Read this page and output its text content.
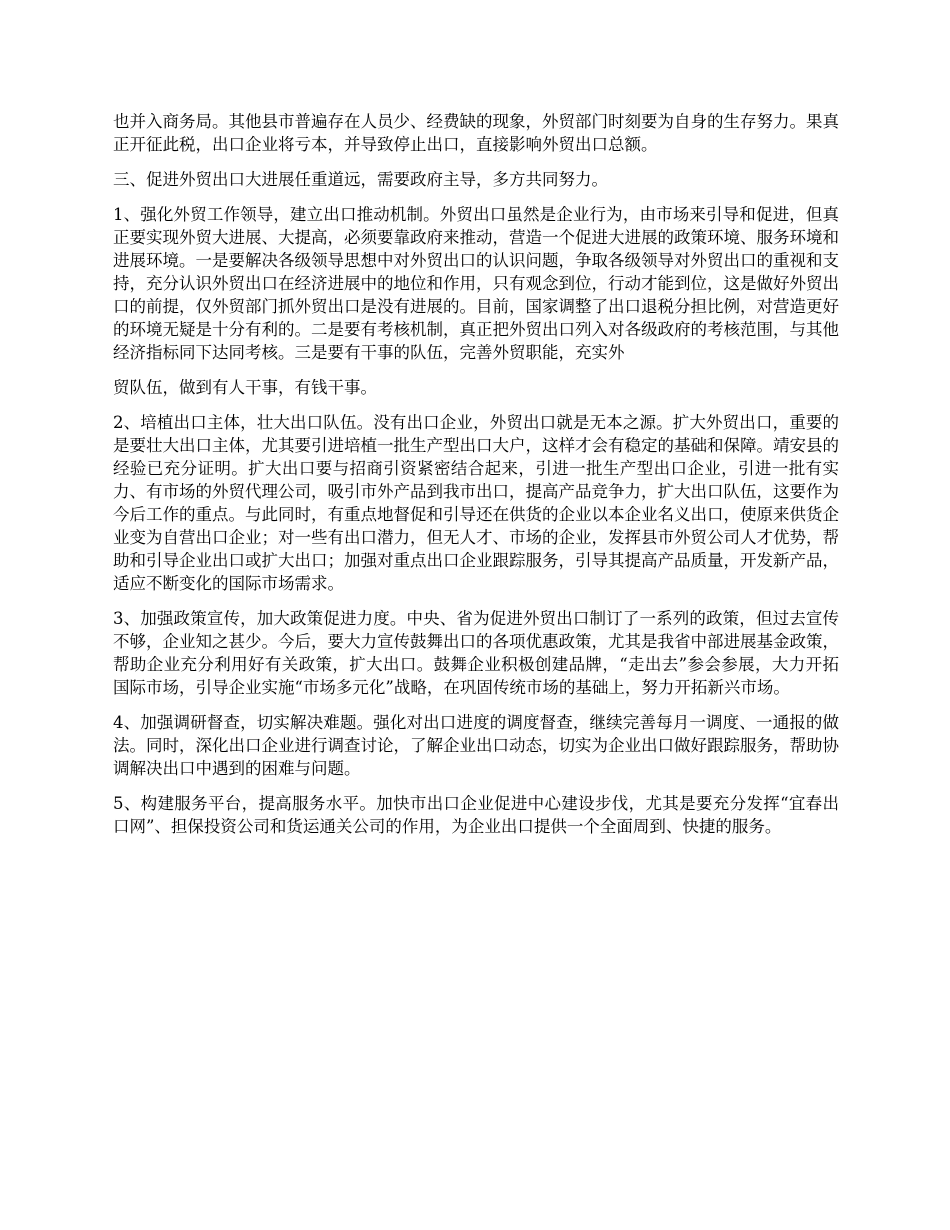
也并入商务局。其他县市普遍存在人员少、经费缺的现象，外贸部门时刻要为自身的生存努力。果真正开征此税，出口企业将亏本，并导致停止出口，直接影响外贸出口总额。

三、促进外贸出口大进展任重道远，需要政府主导，多方共同努力。

1、强化外贸工作领导，建立出口推动机制。外贸出口虽然是企业行为，由市场来引导和促进，但真正要实现外贸大进展、大提高，必须要靠政府来推动，营造一个促进大进展的政策环境、服务环境和进展环境。一是要解决各级领导思想中对外贸出口的认识问题，争取各级领导对外贸出口的重视和支持，充分认识外贸出口在经济进展中的地位和作用，只有观念到位，行动才能到位，这是做好外贸出口的前提，仅外贸部门抓外贸出口是没有进展的。目前，国家调整了出口退税分担比例，对营造更好的环境无疑是十分有利的。二是要有考核机制，真正把外贸出口列入对各级政府的考核范围，与其他经济指标同下达同考核。三是要有干事的队伍，完善外贸职能，充实外

贸队伍，做到有人干事，有钱干事。

2、培植出口主体，壮大出口队伍。没有出口企业，外贸出口就是无本之源。扩大外贸出口，重要的是要壮大出口主体，尤其要引进培植一批生产型出口大户，这样才会有稳定的基础和保障。靖安县的经验已充分证明。扩大出口要与招商引资紧密结合起来，引进一批生产型出口企业，引进一批有实力、有市场的外贸代理公司，吸引市外产品到我市出口，提高产品竞争力，扩大出口队伍，这要作为今后工作的重点。与此同时，有重点地督促和引导还在供货的企业以本企业名义出口，使原来供货企业变为自营出口企业；对一些有出口潜力，但无人才、市场的企业，发挥县市外贸公司人才优势，帮助和引导企业出口或扩大出口；加强对重点出口企业跟踪服务，引导其提高产品质量，开发新产品，适应不断变化的国际市场需求。

3、加强政策宣传，加大政策促进力度。中央、省为促进外贸出口制订了一系列的政策，但过去宣传不够，企业知之甚少。今后，要大力宣传鼓舞出口的各项优惠政策，尤其是我省中部进展基金政策，帮助企业充分利用好有关政策，扩大出口。鼓舞企业积极创建品牌，“走出去”参会参展，大力开拓国际市场，引导企业实施“市场多元化”战略，在巩固传统市场的基础上，努力开拓新兴市场。

4、加强调研督查，切实解决难题。强化对出口进度的调度督查，继续完善每月一调度、一通报的做法。同时，深化出口企业进行调查讨论，了解企业出口动态，切实为企业出口做好跟踪服务，帮助协调解决出口中遇到的困难与问题。

5、构建服务平台，提高服务水平。加快市出口企业促进中心建设步伐，尤其是要充分发挥“宜春出口网”、担保投资公司和货运通关公司的作用，为企业出口提供一个全面周到、快捷的服务。
